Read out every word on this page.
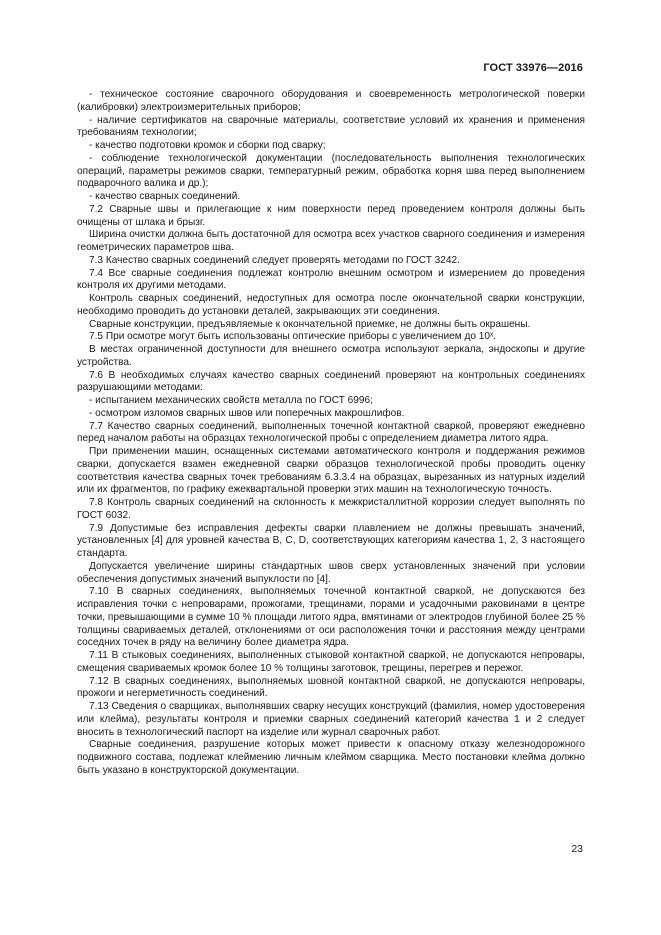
ГОСТ 33976—2016

- техническое состояние сварочного оборудования и своевременность метрологической поверки (калибровки) электроизмерительных приборов;

- наличие сертификатов на сварочные материалы, соответствие условий их хранения и применения требованиям технологии;

- качество подготовки кромок и сборки под сварку;

- соблюдение технологической документации (последовательность выполнения технологических операций, параметры режимов сварки, температурный режим, обработка корня шва перед выполнением подварочного валика и др.);

- качество сварных соединений.

7.2 Сварные швы и прилегающие к ним поверхности перед проведением контроля должны быть очищены от шлака и брызг.

Ширина очистки должна быть достаточной для осмотра всех участков сварного соединения и измерения геометрических параметров шва.

7.3 Качество сварных соединений следует проверять методами по ГОСТ 3242.

7.4 Все сварные соединения подлежат контролю внешним осмотром и измерением до проведения контроля их другими методами.

Контроль сварных соединений, недоступных для осмотра после окончательной сварки конструкции, необходимо проводить до установки деталей, закрывающих эти соединения.

Сварные конструкции, предъявляемые к окончательной приемке, не должны быть окрашены.

7.5 При осмотре могут быть использованы оптические приборы с увеличением до 10ˣ.

В местах ограниченной доступности для внешнего осмотра используют зеркала, эндоскопы и другие устройства.

7.6 В необходимых случаях качество сварных соединений проверяют на контрольных соединениях разрушающими методами:

- испытанием механических свойств металла по ГОСТ 6996;

- осмотром изломов сварных швов или поперечных макрошлифов.

7.7 Качество сварных соединений, выполненных точечной контактной сваркой, проверяют ежедневно перед началом работы на образцах технологической пробы с определением диаметра литого ядра.

При применении машин, оснащенных системами автоматического контроля и поддержания режимов сварки, допускается взамен ежедневной сварки образцов технологической пробы проводить оценку соответствия качества сварных точек требованиям 6.3.3.4 на образцах, вырезанных из натурных изделий или их фрагментов, по графику ежеквартальной проверки этих машин на технологическую точность.

7.8 Контроль сварных соединений на склонность к межкристаллитной коррозии следует выполнять по ГОСТ 6032.

7.9 Допустимые без исправления дефекты сварки плавлением не должны превышать значений, установленных [4] для уровней качества B, C, D, соответствующих категориям качества 1, 2, 3 настоящего стандарта.

Допускается увеличение ширины стандартных швов сверх установленных значений при условии обеспечения допустимых значений выпуклости по [4].

7.10 В сварных соединениях, выполняемых точечной контактной сваркой, не допускаются без исправления точки с непроварами, прожогами, трещинами, порами и усадочными раковинами в центре точки, превышающими в сумме 10 % площади литого ядра, вмятинами от электродов глубиной более 25 % толщины свариваемых деталей, отклонениями от оси расположения точки и расстояния между центрами соседних точек в ряду на величину более диаметра ядра.

7.11 В стыковых соединениях, выполненных стыковой контактной сваркой, не допускаются непровары, смещения свариваемых кромок более 10 % толщины заготовок, трещины, перегрев и пережог.

7.12 В сварных соединениях, выполняемых шовной контактной сваркой, не допускаются непровары, прожоги и негерметичность соединений.

7.13 Сведения о сварщиках, выполнявших сварку несущих конструкций (фамилия, номер удостоверения или клейма), результаты контроля и приемки сварных соединений категорий качества 1 и 2 следует вносить в технологический паспорт на изделие или журнал сварочных работ.

Сварные соединения, разрушение которых может привести к опасному отказу железнодорожного подвижного состава, подлежат клеймению личным клеймом сварщика. Место постановки клейма должно быть указано в конструкторской документации.

23
